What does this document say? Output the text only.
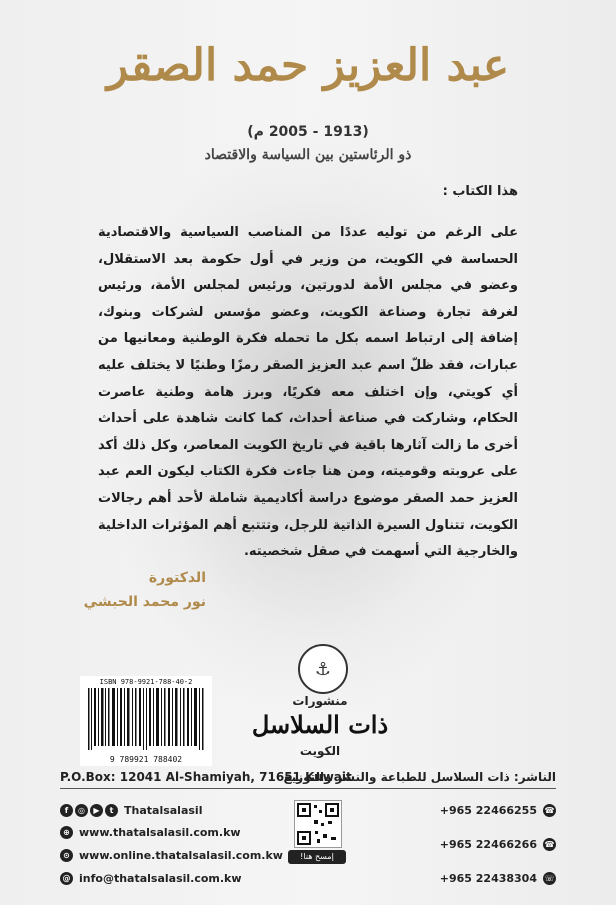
عبد العزيز حمد الصقر
(1913 - 2005 م)
ذو الرئاستين بين السياسة والاقتصاد
هذا الكتاب :
على الرغم من توليه عددًا من المناصب السياسية والاقتصادية الحساسة في الكويت، من وزير في أول حكومة بعد الاستقلال، وعضو في مجلس الأمة لدورتين، ورئيس لمجلس الأمة، ورئيس لغرفة تجارة وصناعة الكويت، وعضو مؤسس لشركات وبنوك، إضافة إلى ارتباط اسمه بكل ما تحمله فكرة الوطنية ومعانيها من عبارات، فقد ظلّ اسم عبد العزيز الصقر رمزًا وطنيًا لا يختلف عليه أي كويتي، وإن اختلف معه فكريًا، وبرز هامة وطنية عاصرت الحكام، وشاركت في صناعة أحداث، كما كانت شاهدة على أحداث أخرى ما زالت آثارها باقية في تاريخ الكويت المعاصر، وكل ذلك أكد على عروبته وقوميته، ومن هنا جاءت فكرة الكتاب ليكون العم عبد العزيز حمد الصقر موضوع دراسة أكاديمية شاملة لأحد أهم رجالات الكويت، تتناول السيرة الذاتية للرجل، وتتتبع أهم المؤثرات الداخلية والخارجية التي أسهمت في صقل شخصيته.
الدكتورة
نور محمد الحبشي
ISBN 978-9921-788-40-2
9 789921 788402
⚓
منشورات
ذات السلاسل
الكويت
P.O.Box: 12041 Al-Shamiyah, 71651 Kuwait
الناشر: ذات السلاسل للطباعة والنشر والتوزيع
f	◎	▶	t Thatalsalasil
⊕ www.thatalsalasil.com.kw
⊙ www.online.thatalsalasil.com.kw
@ info@thatalsalasil.com.kw
إمسح هنا!
+965 22466255 ☎
+965 22466266 ☎
+965 22438304 ☏
